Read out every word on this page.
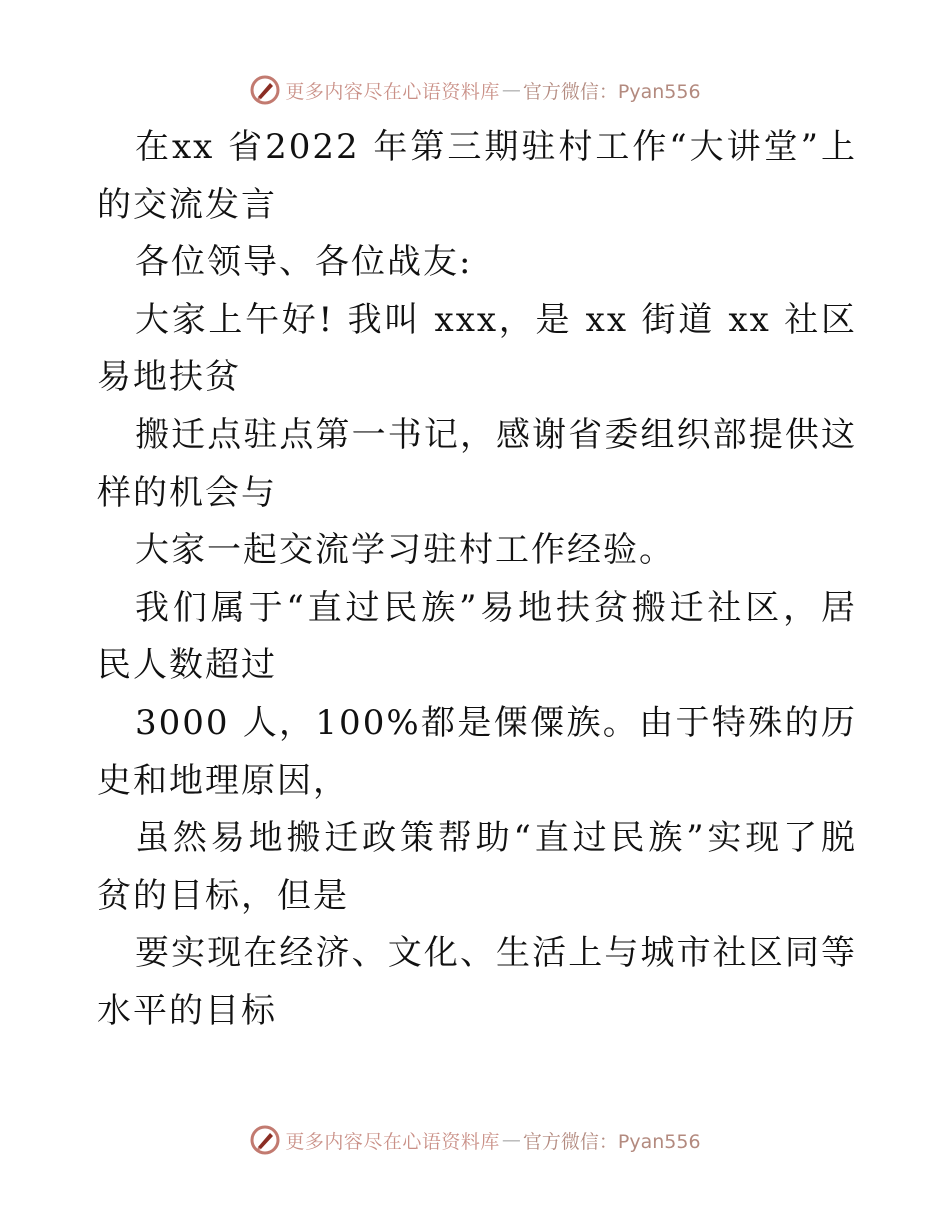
更多内容尽在心语资料库 — 官方微信：Pyan556

在xx 省2022 年第三期驻村工作“大讲堂”上的交流发言

各位领导、各位战友:

大家上午好! 我叫 xxx，是 xx 街道 xx 社区易地扶贫

搬迁点驻点第一书记，感谢省委组织部提供这样的机会与

大家一起交流学习驻村工作经验。

我们属于“直过民族”易地扶贫搬迁社区，居民人数超过

3000 人，100%都是傈僳族。由于特殊的历史和地理原因，

虽然易地搬迁政策帮助“直过民族”实现了脱贫的目标，但是

要实现在经济、文化、生活上与城市社区同等水平的目标

更多内容尽在心语资料库 — 官方微信：Pyan556
